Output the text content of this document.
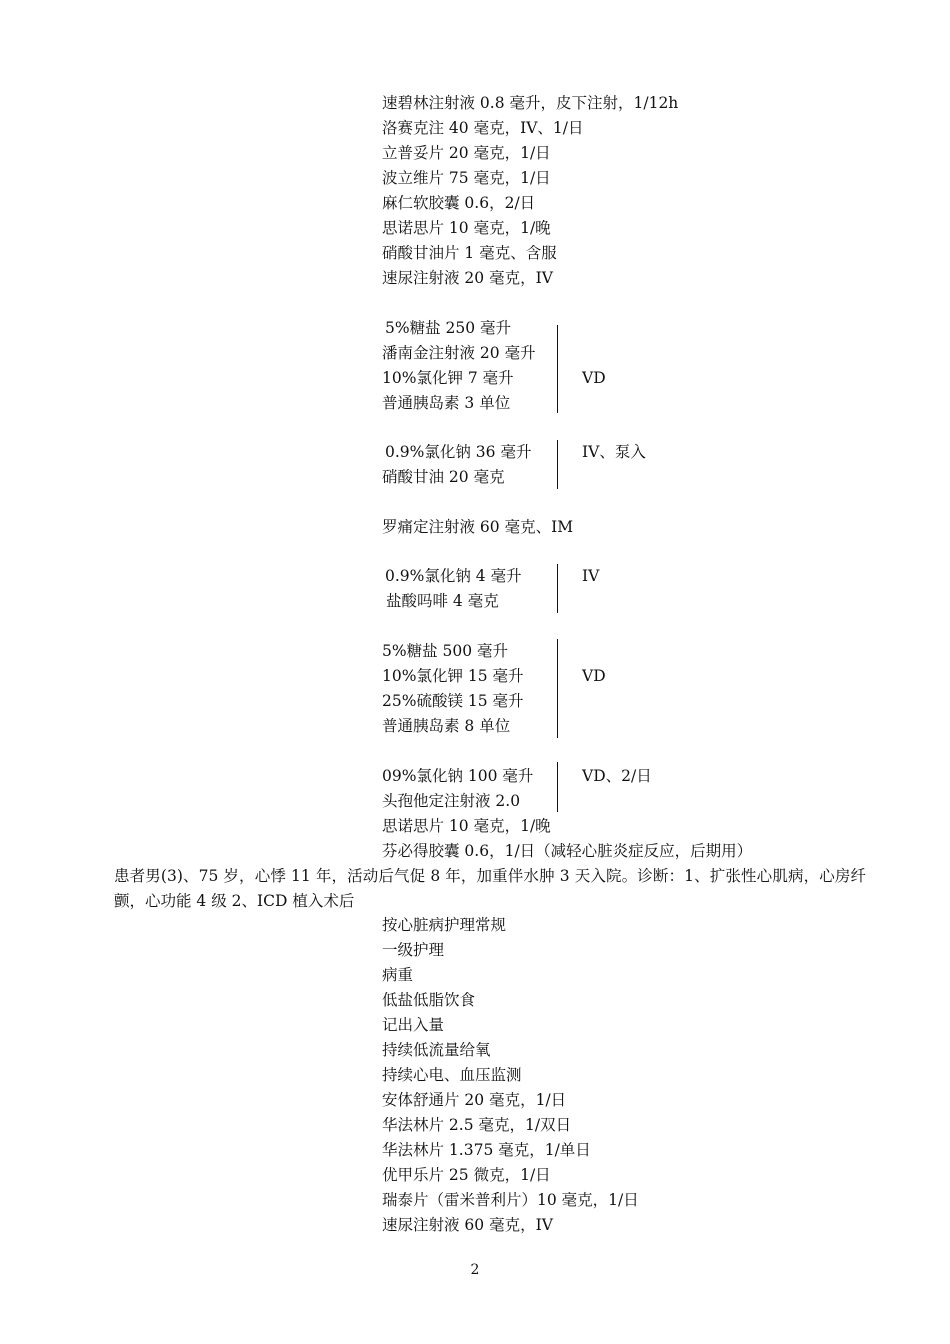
速碧林注射液 0.8 毫升，皮下注射，1/12h
洛赛克注 40 毫克，IV、1/日
立普妥片 20 毫克，1/日
波立维片 75 毫克，1/日
麻仁软胶囊 0.6，2/日
思诺思片 10 毫克，1/晚
硝酸甘油片 1 毫克、含服
速尿注射液 20 毫克，IV
5%糖盐 250 毫升
潘南金注射液 20 毫升
10%氯化钾 7 毫升
普通胰岛素 3 单位
VD
0.9%氯化钠 36 毫升
硝酸甘油 20 毫克
IV、泵入
罗痛定注射液 60 毫克、IM
0.9%氯化钠 4 毫升
盐酸吗啡 4 毫克
IV
5%糖盐 500 毫升
10%氯化钾 15 毫升
25%硫酸镁 15 毫升
普通胰岛素 8 单位
VD
09%氯化钠 100 毫升
头孢他定注射液 2.0
VD、2/日
思诺思片 10 毫克，1/晚
芬必得胶囊 0.6，1/日（减轻心脏炎症反应，后期用）
患者男(3)、75 岁，心悸 11 年，活动后气促 8 年，加重伴水肿 3 天入院。诊断：1、扩张性心肌病，心房纤颤，心功能 4 级 2、ICD 植入术后
按心脏病护理常规
一级护理
病重
低盐低脂饮食
记出入量
持续低流量给氧
持续心电、血压监测
安体舒通片 20 毫克，1/日
华法林片 2.5 毫克，1/双日
华法林片 1.375 毫克，1/单日
优甲乐片 25 微克，1/日
瑞泰片（雷米普利片）10 毫克，1/日
速尿注射液 60 毫克，IV
2
